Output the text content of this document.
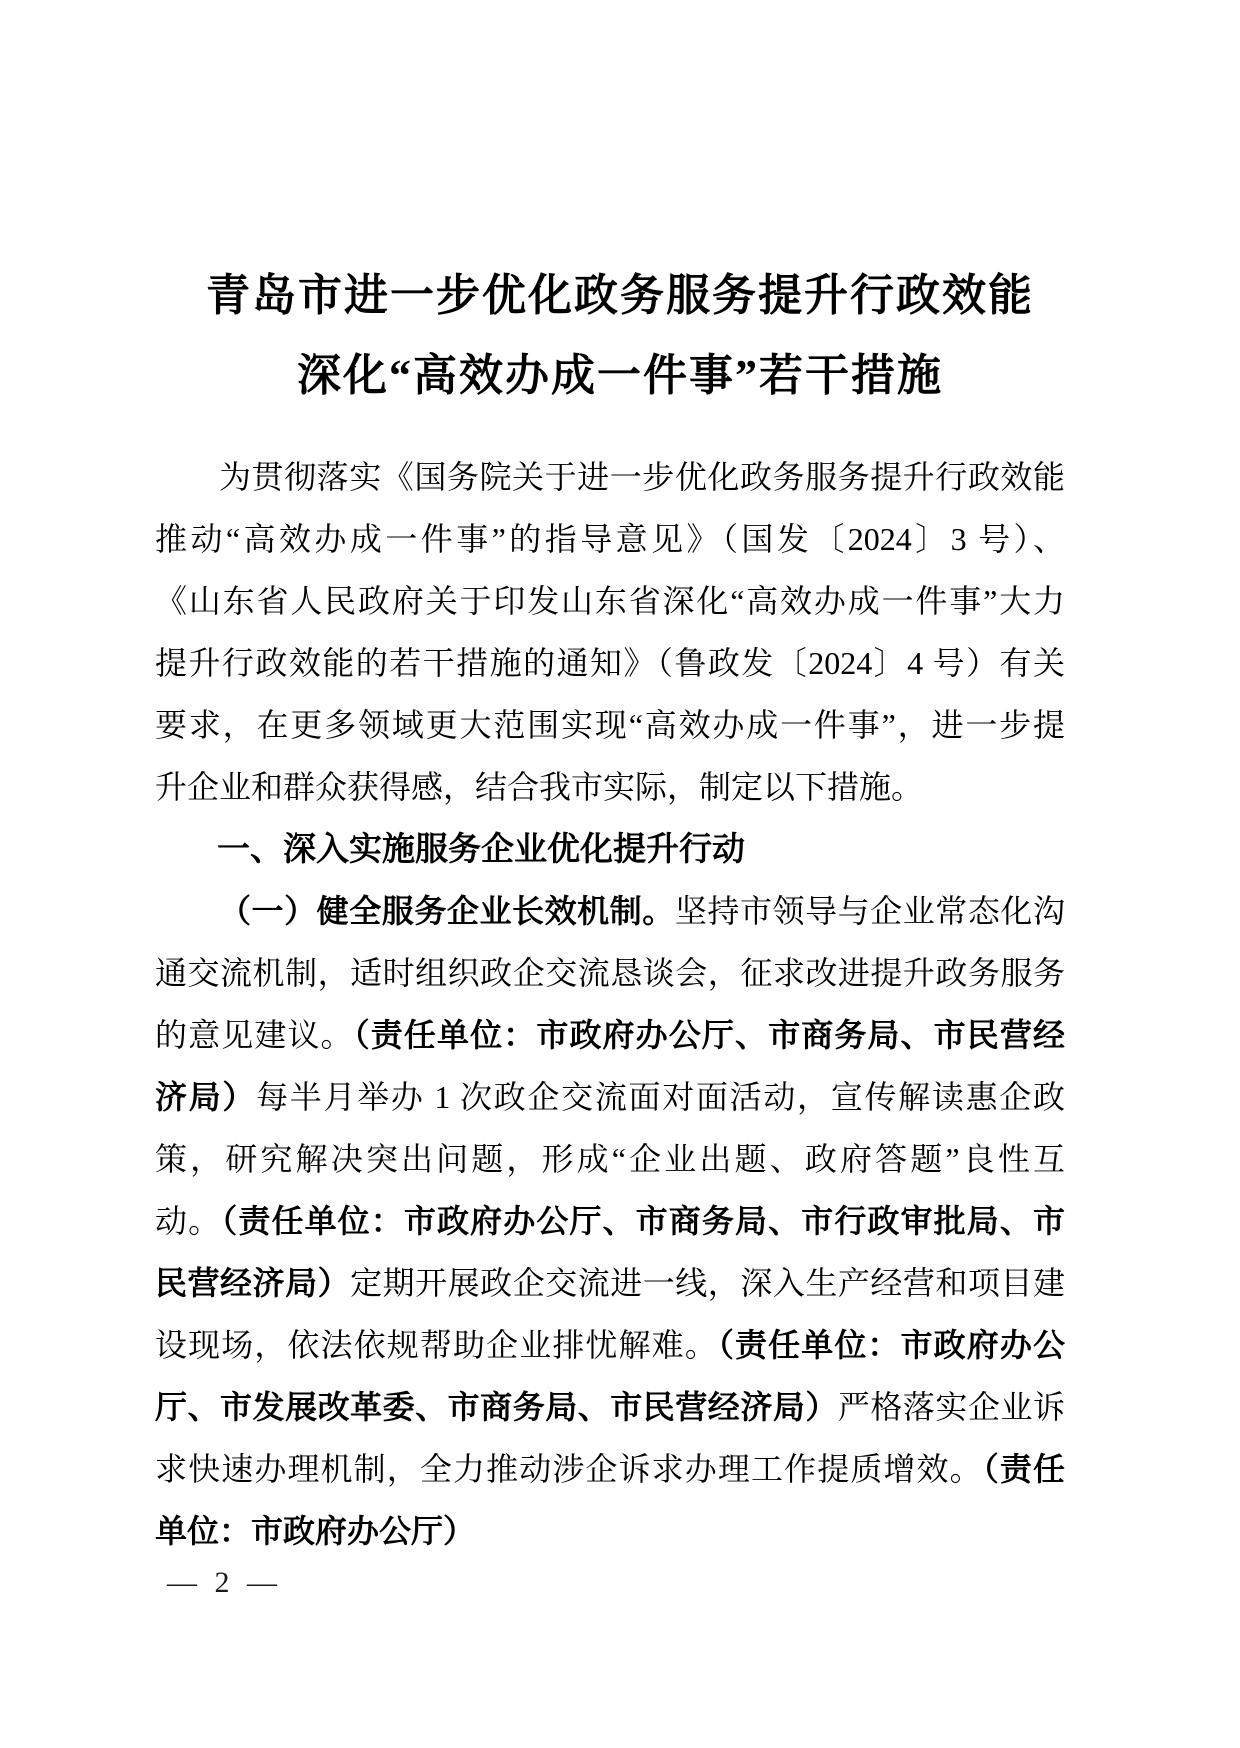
青岛市进一步优化政务服务提升行政效能
深化“高效办成一件事”若干措施
为贯彻落实《国务院关于进一步优化政务服务提升行政效能
推动“高效办成一件事”的指导意见》（国发〔2024〕3 号）、
《山东省人民政府关于印发山东省深化“高效办成一件事”大力
提升行政效能的若干措施的通知》（鲁政发〔2024〕4 号）有关
要求，在更多领域更大范围实现“高效办成一件事”，进一步提
升企业和群众获得感，结合我市实际，制定以下措施。
一、深入实施服务企业优化提升行动
（一）健全服务企业长效机制。坚持市领导与企业常态化沟
通交流机制，适时组织政企交流恳谈会，征求改进提升政务服务
的意见建议。（责任单位：市政府办公厅、市商务局、市民营经
济局）每半月举办 1 次政企交流面对面活动，宣传解读惠企政
策，研究解决突出问题，形成“企业出题、政府答题”良性互
动。（责任单位：市政府办公厅、市商务局、市行政审批局、市
民营经济局）定期开展政企交流进一线，深入生产经营和项目建
设现场，依法依规帮助企业排忧解难。（责任单位：市政府办公
厅、市发展改革委、市商务局、市民营经济局）严格落实企业诉
求快速办理机制，全力推动涉企诉求办理工作提质增效。（责任
单位：市政府办公厅）
— 2 —
